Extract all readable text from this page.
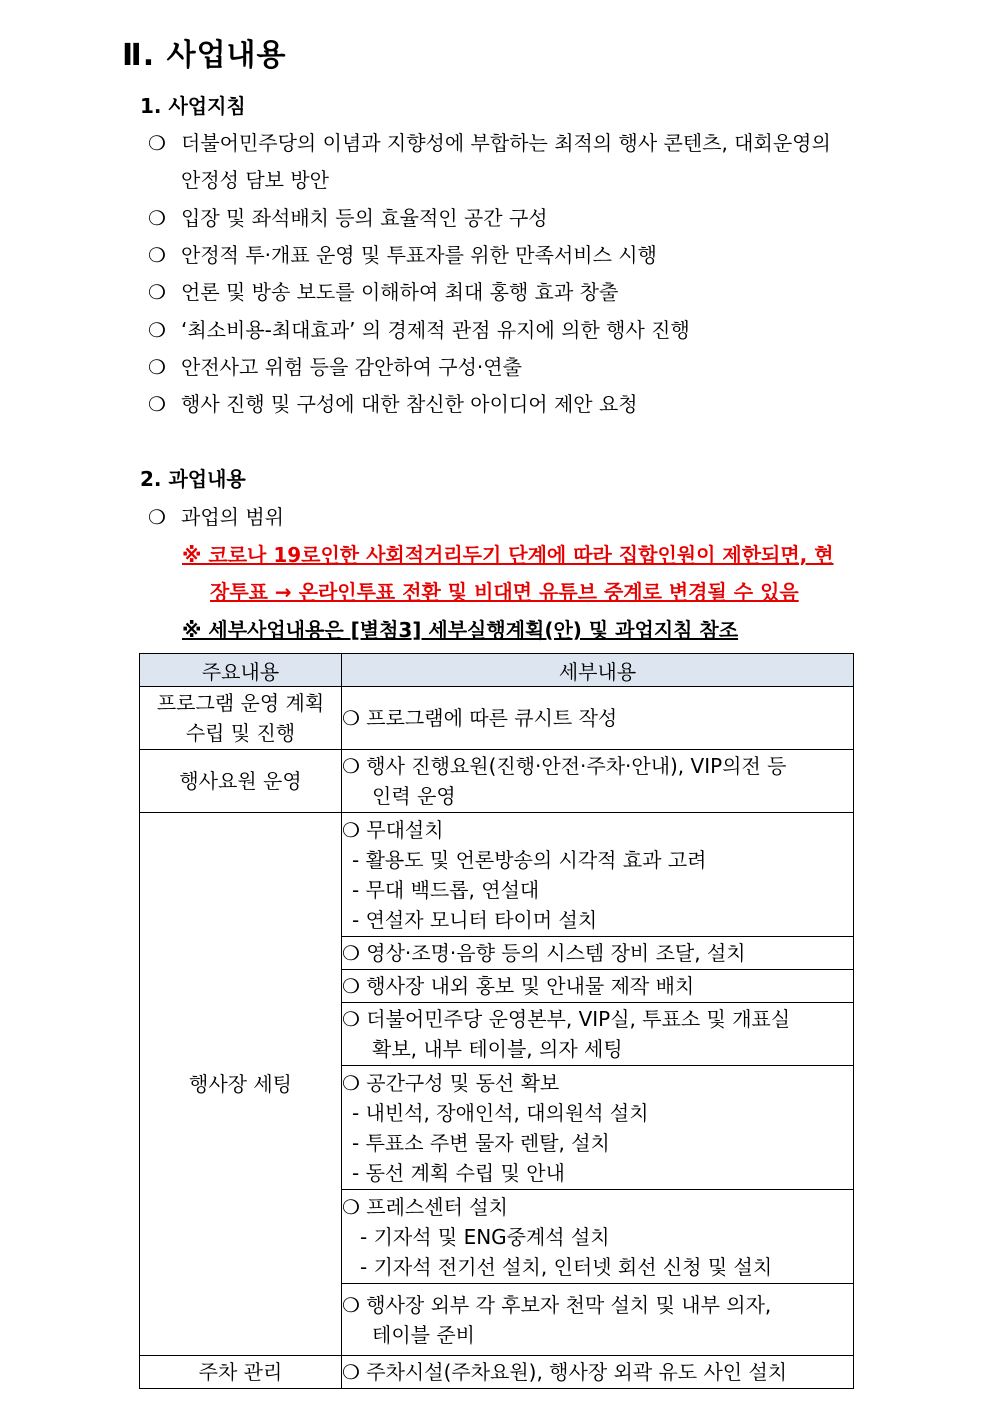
Ⅱ. 사업내용
1. 사업지침
❍ 더불어민주당의 이념과 지향성에 부합하는 최적의 행사 콘텐츠, 대회운영의
안정성 담보 방안
❍ 입장 및 좌석배치 등의 효율적인 공간 구성
❍ 안정적 투·개표 운영 및 투표자를 위한 만족서비스 시행
❍ 언론 및 방송 보도를 이해하여 최대 홍행 효과 창출
❍ ‘최소비용-최대효과’ 의 경제적 관점 유지에 의한 행사 진행
❍ 안전사고 위험 등을 감안하여 구성·연출
❍ 행사 진행 및 구성에 대한 참신한 아이디어 제안 요청
2. 과업내용
❍ 과업의 범위
※ 코로나 19로인한 사회적거리두기 단계에 따라 집합인원이 제한되면, 현
장투표 → 온라인투표 전환 및 비대면 유튜브 중계로 변경될 수 있음
※ 세부사업내용은 [별첨3] 세부실행계획(안) 및 과업지침 참조
주요내용	세부내용

프로그램 운영 계획
수립 및 진행	❍ 프로그램에 따른 큐시트 작성

행사요원 운영	❍ 행사 진행요원(진행·안전·주차·안내), VIP의전 등
인력 운영

행사장 세팅	❍ 무대설치
- 활용도 및 언론방송의 시각적 효과 고려
- 무대 백드롭, 연설대
- 연설자 모니터 타이머 설치

	❍ 영상·조명·음향 등의 시스템 장비 조달, 설치

	❍ 행사장 내외 홍보 및 안내물 제작 배치

	❍ 더불어민주당 운영본부, VIP실, 투표소 및 개표실
확보, 내부 테이블, 의자 세팅

	❍ 공간구성 및 동선 확보
- 내빈석, 장애인석, 대의원석 설치
- 투표소 주변 물자 렌탈, 설치
- 동선 계획 수립 및 안내

	❍ 프레스센터 설치
- 기자석 및 ENG중계석 설치
- 기자석 전기선 설치, 인터넷 회선 신청 및 설치

	❍ 행사장 외부 각 후보자 천막 설치 및 내부 의자,
테이블 준비

주차 관리	❍ 주차시설(주차요원), 행사장 외곽 유도 사인 설치
